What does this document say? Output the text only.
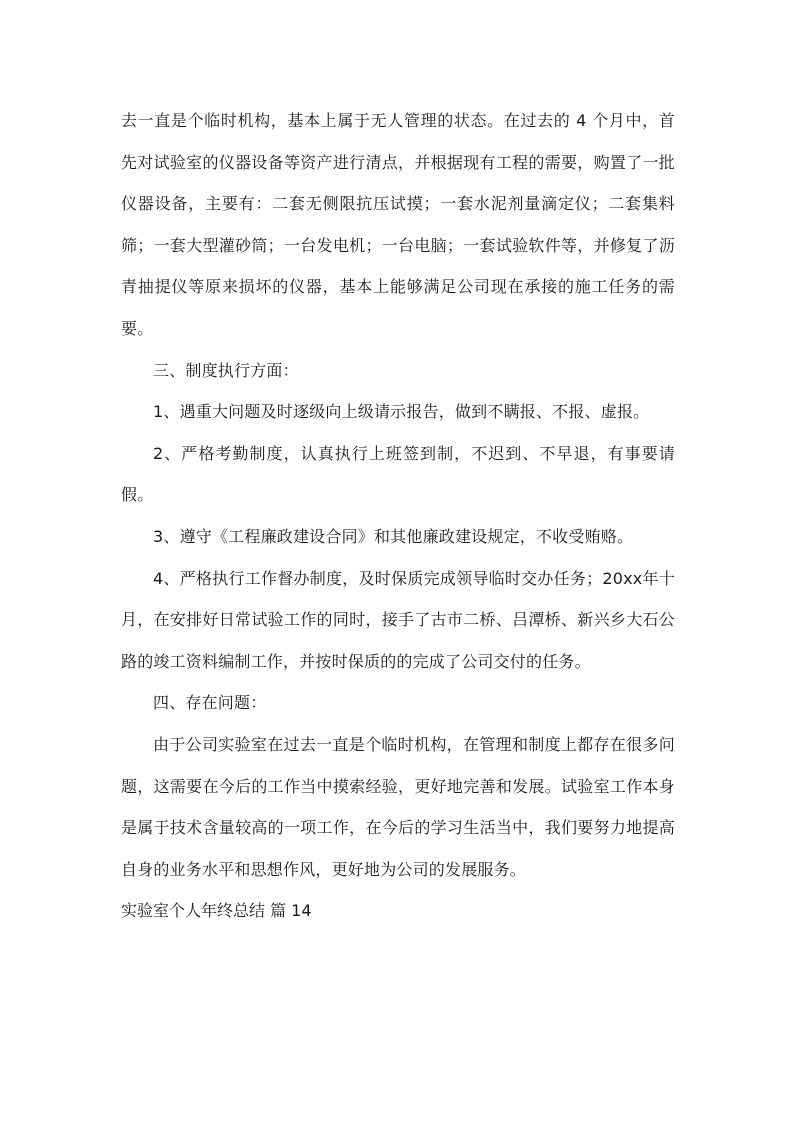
去一直是个临时机构，基本上属于无人管理的状态。在过去的 4 个月中，首先对试验室的仪器设备等资产进行清点，并根据现有工程的需要，购置了一批仪器设备，主要有：二套无侧限抗压试摸；一套水泥剂量滴定仪；二套集料筛；一套大型灌砂筒；一台发电机；一台电脑；一套试验软件等，并修复了沥青抽提仪等原来损坏的仪器，基本上能够满足公司现在承接的施工任务的需要。

三、制度执行方面：

1、遇重大问题及时逐级向上级请示报告，做到不瞒报、不报、虚报。

2、严格考勤制度，认真执行上班签到制，不迟到、不早退，有事要请假。

3、遵守《工程廉政建设合同》和其他廉政建设规定，不收受贿赂。

4、严格执行工作督办制度，及时保质完成领导临时交办任务；20xx年十月，在安排好日常试验工作的同时，接手了古市二桥、吕潭桥、新兴乡大石公路的竣工资料编制工作，并按时保质的的完成了公司交付的任务。

四、存在问题：

由于公司实验室在过去一直是个临时机构，在管理和制度上都存在很多问题，这需要在今后的工作当中摸索经验，更好地完善和发展。试验室工作本身是属于技术含量较高的一项工作，在今后的学习生活当中，我们要努力地提高自身的业务水平和思想作风，更好地为公司的发展服务。

实验室个人年终总结 篇 14
